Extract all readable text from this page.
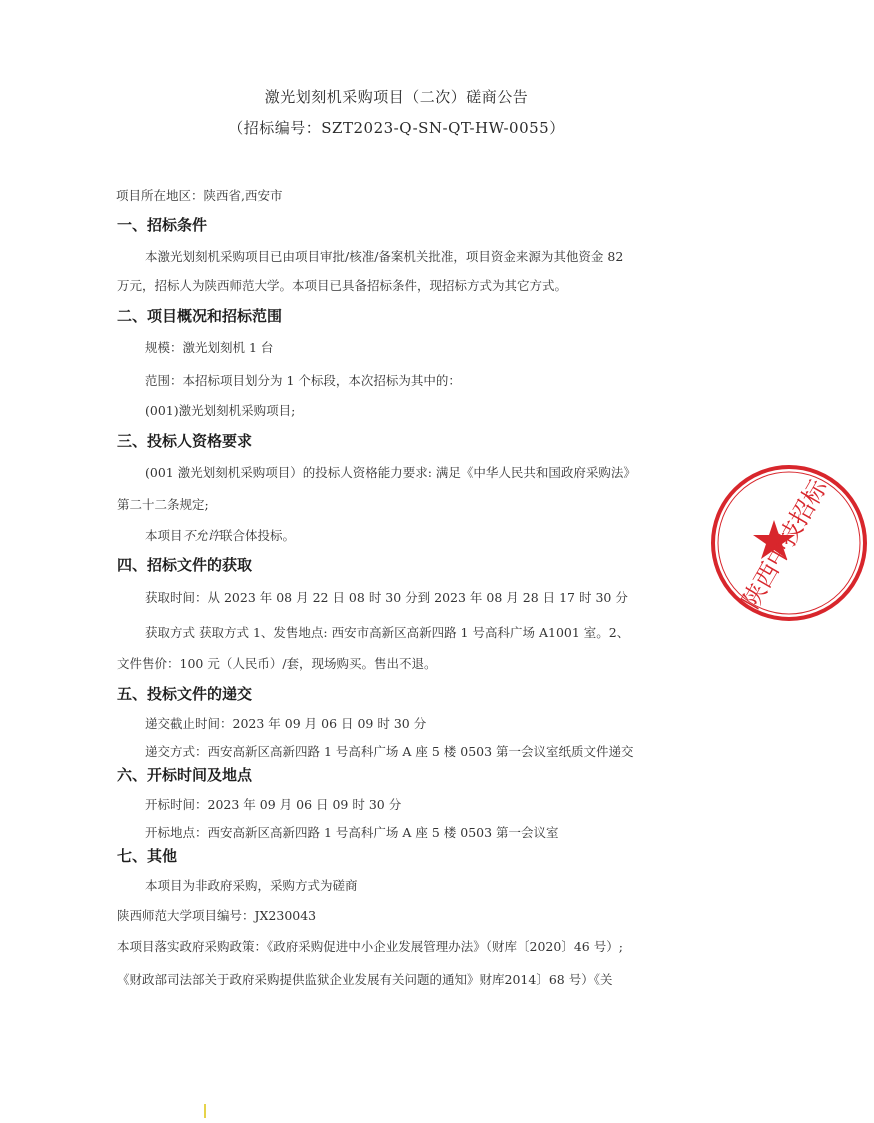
激光划刻机采购项目（二次）磋商公告
（招标编号：SZT2023-Q-SN-QT-HW-0055）
项目所在地区：陕西省,西安市
一、招标条件
本激光划刻机采购项目已由项目审批/核准/备案机关批准，项目资金来源为其他资金 82
万元，招标人为陕西师范大学。本项目已具备招标条件，现招标方式为其它方式。
二、项目概况和招标范围
规模：激光划刻机 1 台
范围：本招标项目划分为 1 个标段，本次招标为其中的：
(001)激光划刻机采购项目;
三、投标人资格要求
(001 激光划刻机采购项目）的投标人资格能力要求: 满足《中华人民共和国政府采购法》
第二十二条规定;
本项目不允许联合体投标。
四、招标文件的获取
获取时间：从 2023 年 08 月 22 日 08 时 30 分到 2023 年 08 月 28 日 17 时 30 分
获取方式 获取方式 1、发售地点: 西安市高新区高新四路 1 号高科广场 A1001 室。2、
文件售价：100 元（人民币）/套，现场购买。售出不退。
五、投标文件的递交
递交截止时间：2023 年 09 月 06 日 09 时 30 分
递交方式：西安高新区高新四路 1 号高科广场 A 座 5 楼 0503 第一会议室纸质文件递交
六、开标时间及地点
开标时间：2023 年 09 月 06 日 09 时 30 分
开标地点：西安高新区高新四路 1 号高科广场 A 座 5 楼 0503 第一会议室
七、其他
本项目为非政府采购，采购方式为磋商
陕西师范大学项目编号：JX230043
本项目落实政府采购政策：《政府采购促进中小企业发展管理办法》（财库〔2020〕46 号）;
《财政部司法部关于政府采购提供监狱企业发展有关问题的通知》财库2014〕68 号）《关
陕西中技招标
